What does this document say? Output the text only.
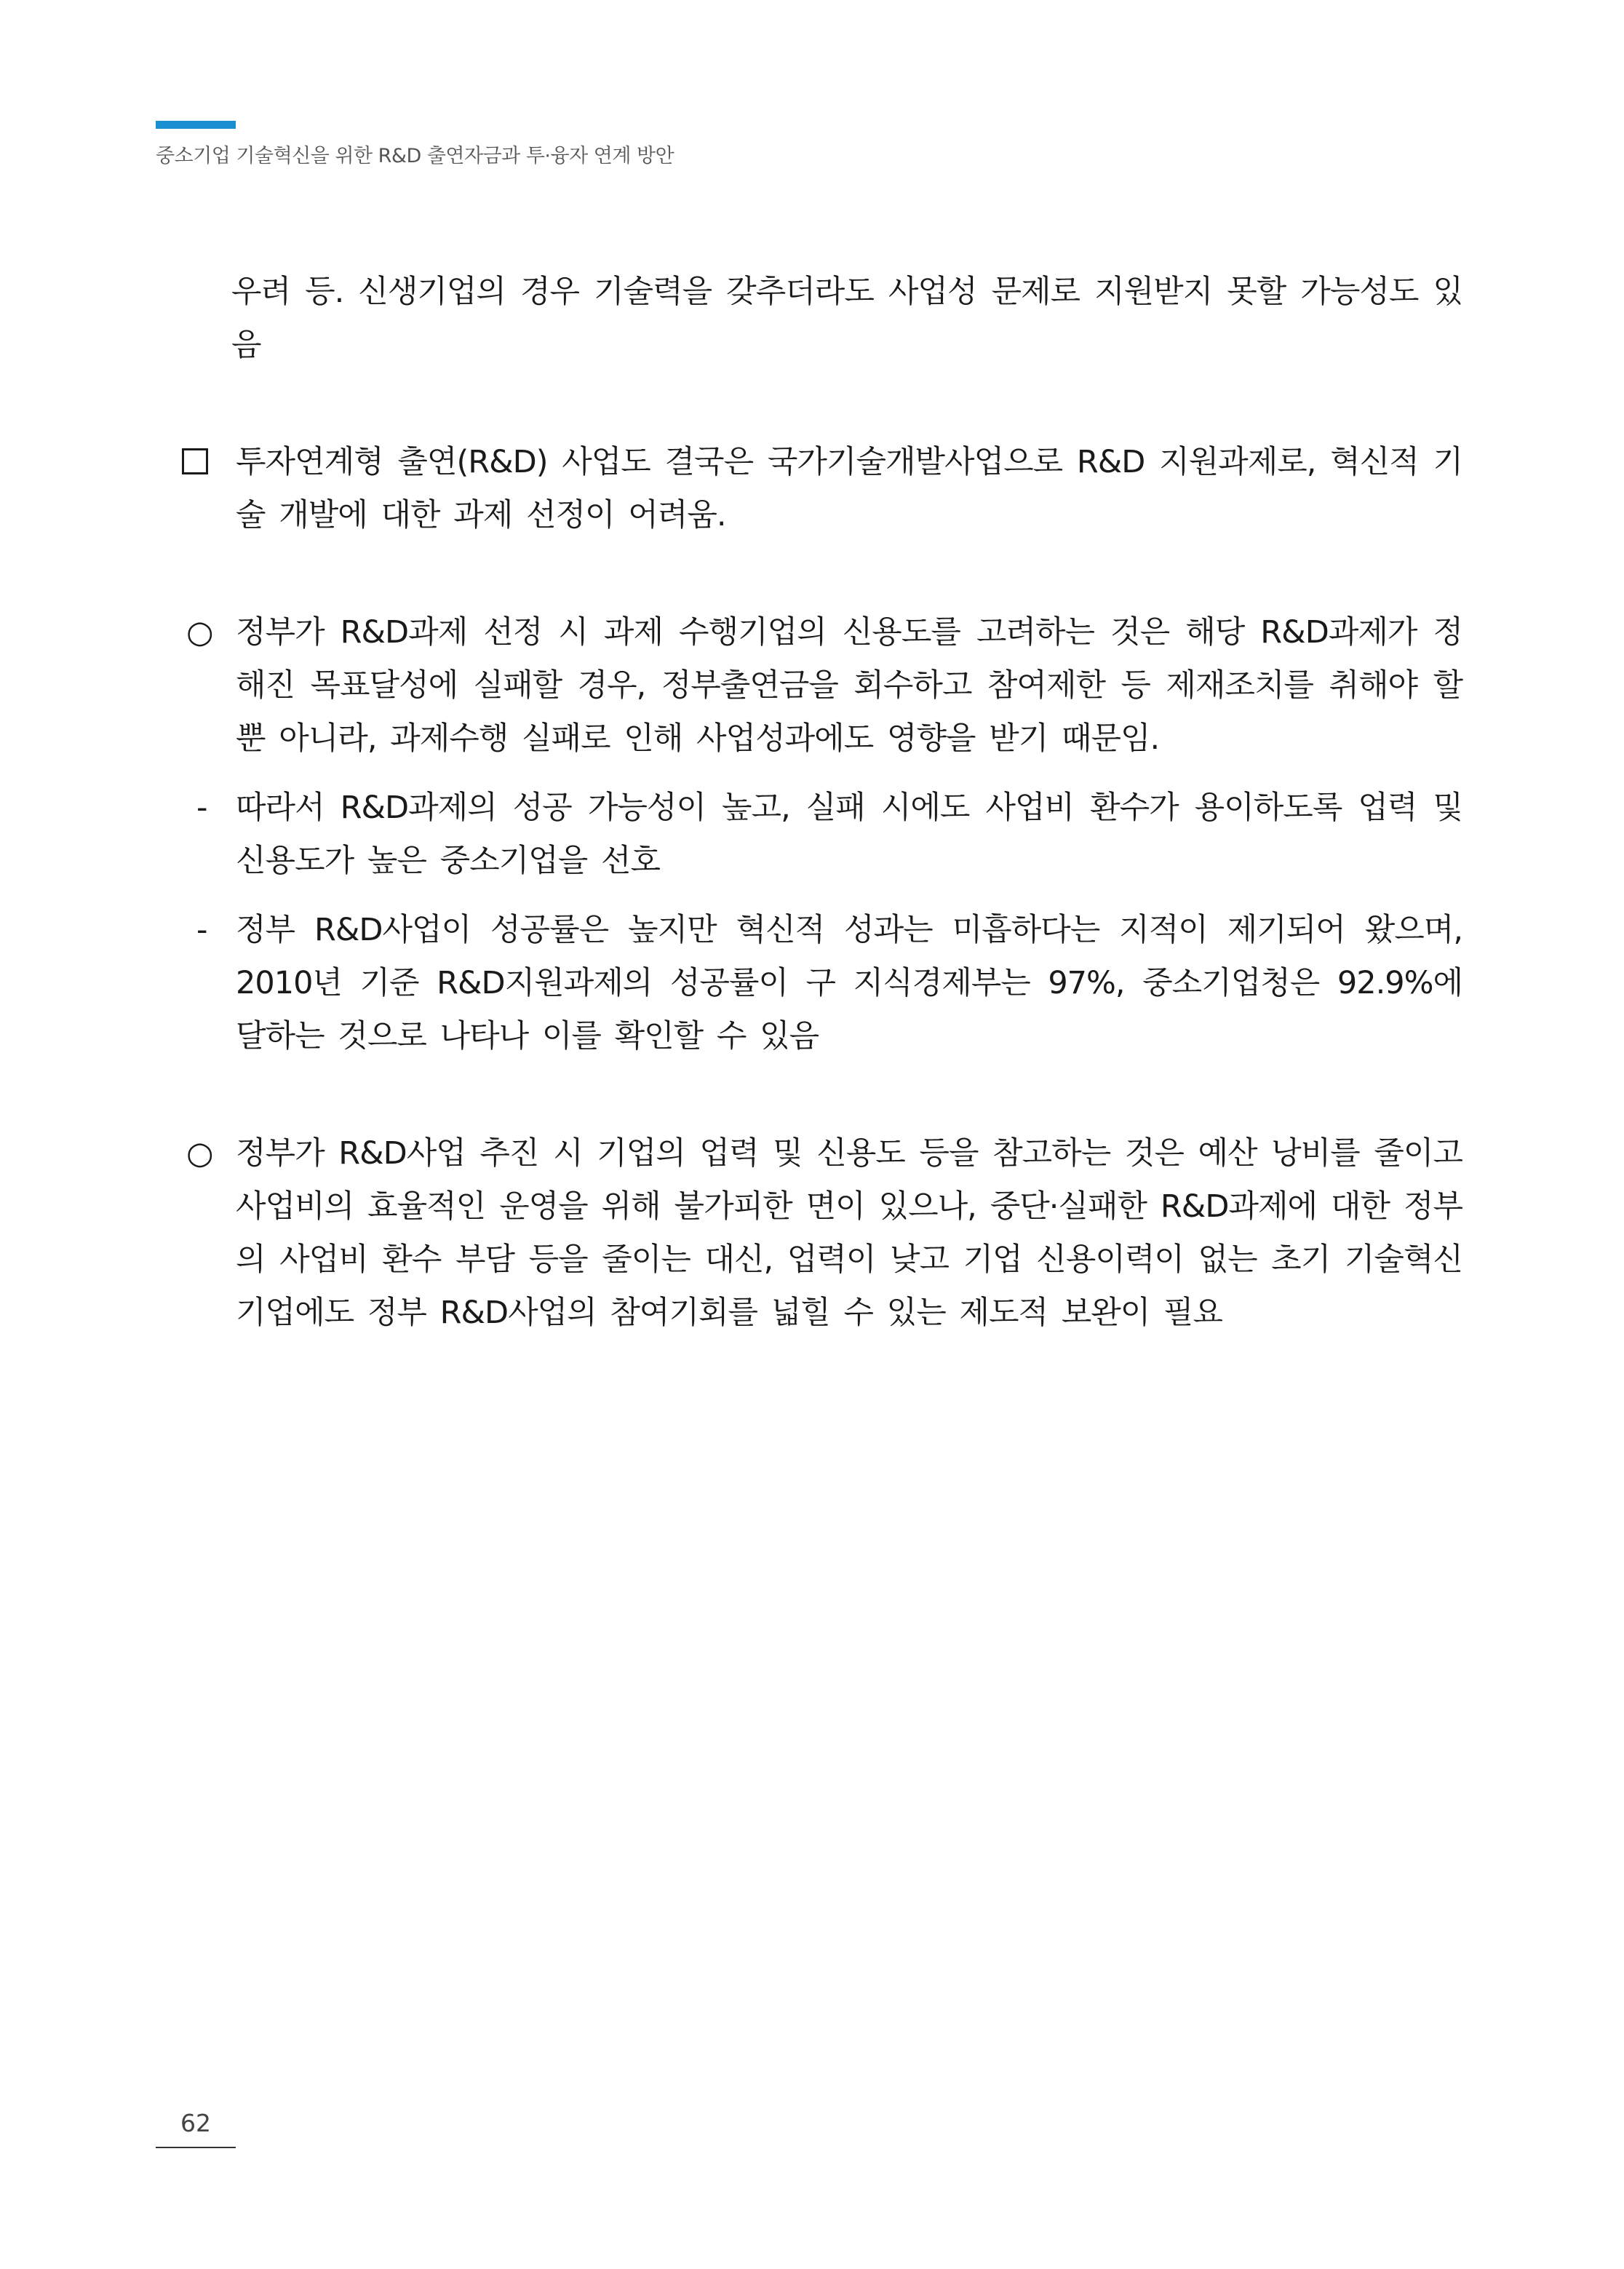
중소기업 기술혁신을 위한 R&D 출연자금과 투·융자 연계 방안

우려 등. 신생기업의 경우 기술력을 갖추더라도 사업성 문제로 지원받지 못할 가능성도 있음

투자연계형 출연(R&D) 사업도 결국은 국가기술개발사업으로 R&D 지원과제로, 혁신적 기술 개발에 대한 과제 선정이 어려움.
○ 정부가 R&D과제 선정 시 과제 수행기업의 신용도를 고려하는 것은 해당 R&D과제가 정해진 목표달성에 실패할 경우, 정부출연금을 회수하고 참여제한 등 제재조치를 취해야 할 뿐 아니라, 과제수행 실패로 인해 사업성과에도 영향을 받기 때문임.
- 따라서 R&D과제의 성공 가능성이 높고, 실패 시에도 사업비 환수가 용이하도록 업력 및 신용도가 높은 중소기업을 선호
- 정부 R&D사업이 성공률은 높지만 혁신적 성과는 미흡하다는 지적이 제기되어 왔으며, 2010년 기준 R&D지원과제의 성공률이 구 지식경제부는 97%, 중소기업청은 92.9%에 달하는 것으로 나타나 이를 확인할 수 있음
○ 정부가 R&D사업 추진 시 기업의 업력 및 신용도 등을 참고하는 것은 예산 낭비를 줄이고 사업비의 효율적인 운영을 위해 불가피한 면이 있으나, 중단·실패한 R&D과제에 대한 정부의 사업비 환수 부담 등을 줄이는 대신, 업력이 낮고 기업 신용이력이 없는 초기 기술혁신기업에도 정부 R&D사업의 참여기회를 넓힐 수 있는 제도적 보완이 필요
62
